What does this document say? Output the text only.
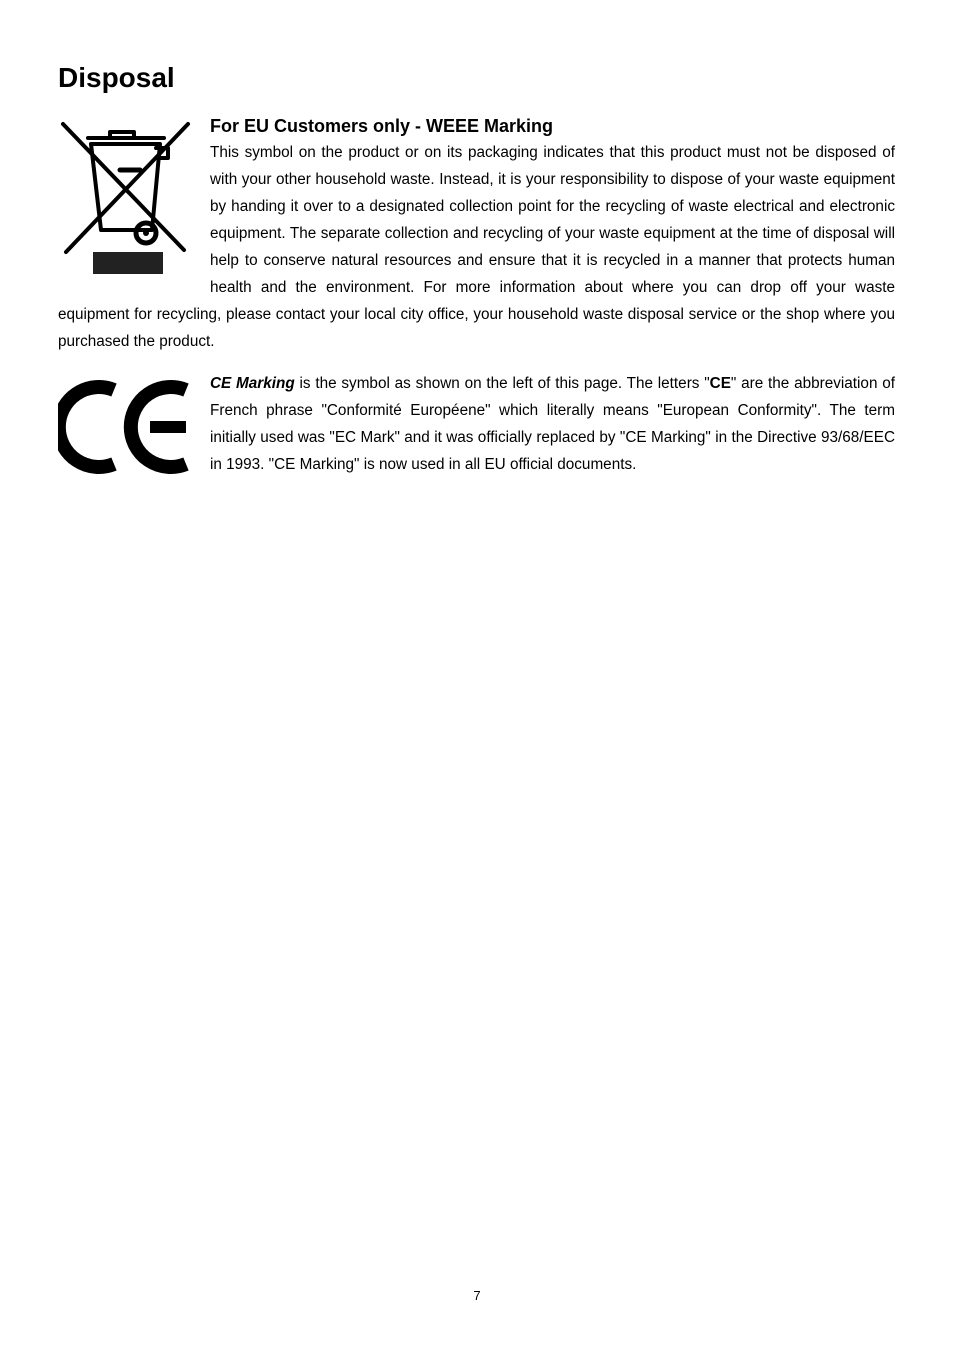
Disposal
For EU Customers only - WEEE Marking

This symbol on the product or on its packaging indicates that this product must not be disposed of with your other household waste. Instead, it is your responsibility to dispose of your waste equipment by handing it over to a designated collection point for the recycling of waste electrical and electronic equipment. The separate collection and recycling of your waste equipment at the time of disposal will help to conserve natural resources and ensure that it is recycled in a manner that protects human health and the environment. For more information about where you can drop off your waste equipment for recycling, please contact your local city office, your household waste disposal service or the shop where you purchased the product.

CE Marking is the symbol as shown on the left of this page. The letters "CE" are the abbreviation of French phrase "Conformité Européene" which literally means "European Conformity". The term initially used was "EC Mark" and it was officially replaced by "CE Marking" in the Directive 93/68/EEC in 1993. "CE Marking" is now used in all EU official documents.

7
